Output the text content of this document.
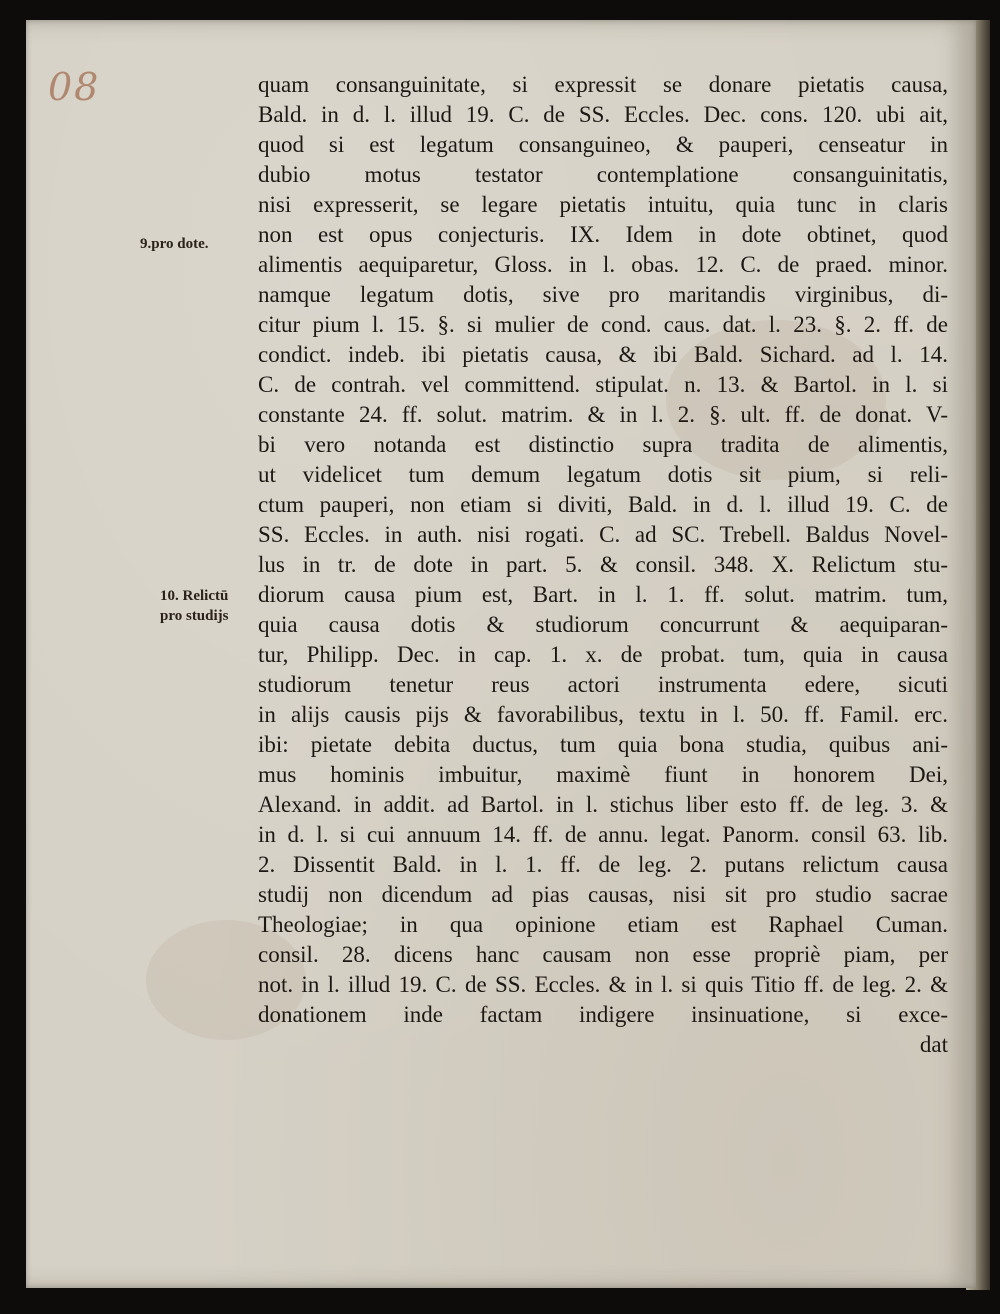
08
9.pro dote.
10. Relictū
pro studijs
quam consanguinitate, si expressit se donare pietatis causa,
Bald. in d. l. illud 19. C. de SS. Eccles. Dec. cons. 120. ubi ait,
quod si est legatum consanguineo, & pauperi, censeatur in
dubio motus testator contemplatione consanguinitatis,
nisi expresserit, se legare pietatis intuitu, quia tunc in claris
non est opus conjecturis. IX. Idem in dote obtinet, quod
alimentis aequiparetur, Gloss. in l. obas. 12. C. de praed. minor.
namque legatum dotis, sive pro maritandis virginibus, di-
citur pium l. 15. §. si mulier de cond. caus. dat. l. 23. §. 2. ff. de
condict. indeb. ibi pietatis causa, & ibi Bald. Sichard. ad l. 14.
C. de contrah. vel committend. stipulat. n. 13. & Bartol. in l. si
constante 24. ff. solut. matrim. & in l. 2. §. ult. ff. de donat. V-
bi vero notanda est distinctio supra tradita de alimentis,
ut videlicet tum demum legatum dotis sit pium, si reli-
ctum pauperi, non etiam si diviti, Bald. in d. l. illud 19. C. de
SS. Eccles. in auth. nisi rogati. C. ad SC. Trebell. Baldus Novel-
lus in tr. de dote in part. 5. & consil. 348. X. Relictum stu-
diorum causa pium est, Bart. in l. 1. ff. solut. matrim. tum,
quia causa dotis & studiorum concurrunt & aequiparan-
tur, Philipp. Dec. in cap. 1. x. de probat. tum, quia in causa
studiorum tenetur reus actori instrumenta edere, sicuti
in alijs causis pijs & favorabilibus, textu in l. 50. ff. Famil. erc.
ibi: pietate debita ductus, tum quia bona studia, quibus ani-
mus hominis imbuitur, maximè fiunt in honorem Dei,
Alexand. in addit. ad Bartol. in l. stichus liber esto ff. de leg. 3. &
in d. l. si cui annuum 14. ff. de annu. legat. Panorm. consil 63. lib.
2. Dissentit Bald. in l. 1. ff. de leg. 2. putans relictum causa
studij non dicendum ad pias causas, nisi sit pro studio sacrae
Theologiae; in qua opinione etiam est Raphael Cuman.
consil. 28. dicens hanc causam non esse propriè piam, per
not. in l. illud 19. C. de SS. Eccles. & in l. si quis Titio ff. de leg. 2. &
donationem inde factam indigere insinuatione, si exce-
dat
